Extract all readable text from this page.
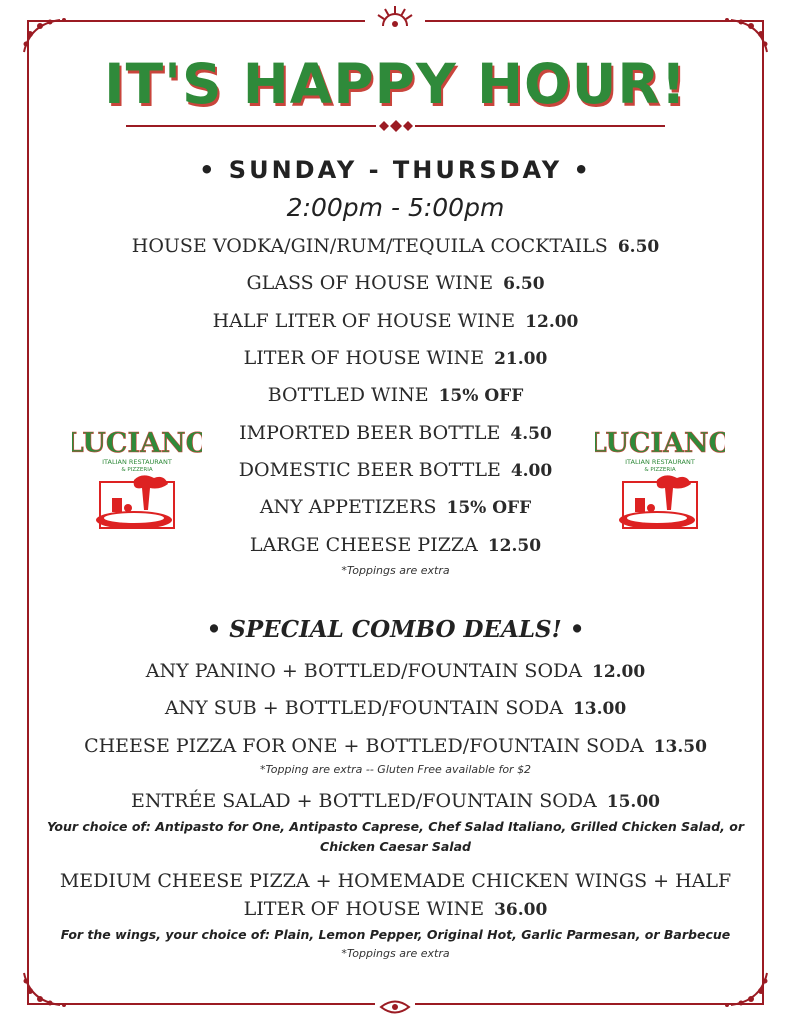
IT'S HAPPY HOUR!
• SUNDAY - THURSDAY •
2:00pm - 5:00pm
HOUSE VODKA/GIN/RUM/TEQUILA COCKTAILS 6.50
GLASS OF HOUSE WINE 6.50
HALF LITER OF HOUSE WINE 12.00
LITER OF HOUSE WINE 21.00
BOTTLED WINE 15% OFF
IMPORTED BEER BOTTLE 4.50
DOMESTIC BEER BOTTLE 4.00
ANY APPETIZERS 15% OFF
LARGE CHEESE PIZZA 12.50
*Toppings are extra
• SPECIAL COMBO DEALS! •
ANY PANINO + BOTTLED/FOUNTAIN SODA 12.00
ANY SUB + BOTTLED/FOUNTAIN SODA 13.00
CHEESE PIZZA FOR ONE + BOTTLED/FOUNTAIN SODA 13.50
*Topping are extra -- Gluten Free available for $2
ENTRÉE SALAD + BOTTLED/FOUNTAIN SODA 15.00
Your choice of: Antipasto for One, Antipasto Caprese, Chef Salad Italiano, Grilled Chicken Salad, or Chicken Caesar Salad
MEDIUM CHEESE PIZZA + HOMEMADE CHICKEN WINGS + HALF
LITER OF HOUSE WINE 36.00
For the wings, your choice of: Plain, Lemon Pepper, Original Hot, Garlic Parmesan, or Barbecue
*Toppings are extra
LUCIANO
ITALIAN RESTAURANT
& PIZZERIA
LUCIANO
ITALIAN RESTAURANT
& PIZZERIA
